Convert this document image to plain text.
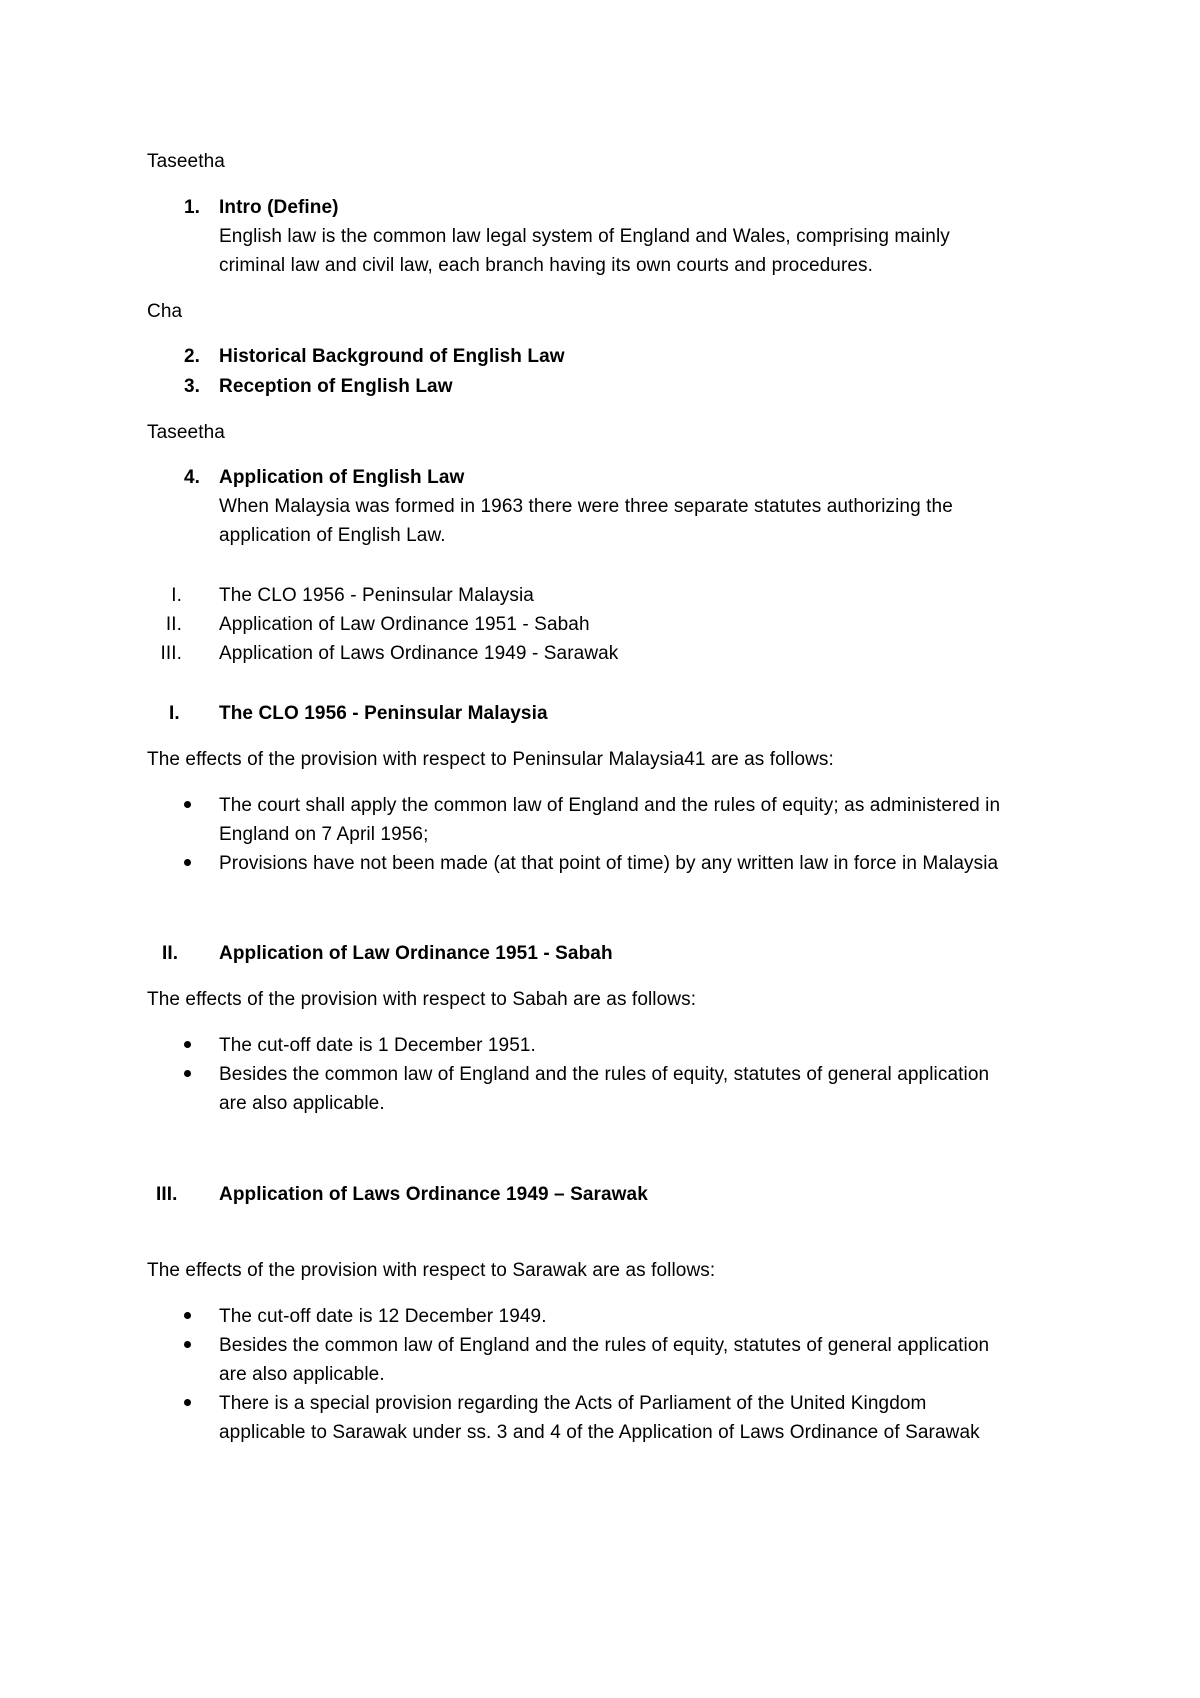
Taseetha
1. Intro (Define)
English law is the common law legal system of England and Wales, comprising mainly
criminal law and civil law, each branch having its own courts and procedures.
Cha
2. Historical Background of English Law
3. Reception of English Law
Taseetha
4. Application of English Law
When Malaysia was formed in 1963 there were three separate statutes authorizing the
application of English Law.
I. The CLO 1956 - Peninsular Malaysia
II. Application of Law Ordinance 1951 - Sabah
III. Application of Laws Ordinance 1949 - Sarawak
I. The CLO 1956 - Peninsular Malaysia
The effects of the provision with respect to Peninsular Malaysia41 are as follows:
The court shall apply the common law of England and the rules of equity; as administered in
England on 7 April 1956;
Provisions have not been made (at that point of time) by any written law in force in Malaysia
II. Application of Law Ordinance 1951 - Sabah
The effects of the provision with respect to Sabah are as follows:
The cut-off date is 1 December 1951.
Besides the common law of England and the rules of equity, statutes of general application
are also applicable.
III. Application of Laws Ordinance 1949 – Sarawak
The effects of the provision with respect to Sarawak are as follows:
The cut-off date is 12 December 1949.
Besides the common law of England and the rules of equity, statutes of general application
are also applicable.
There is a special provision regarding the Acts of Parliament of the United Kingdom
applicable to Sarawak under ss. 3 and 4 of the Application of Laws Ordinance of Sarawak
